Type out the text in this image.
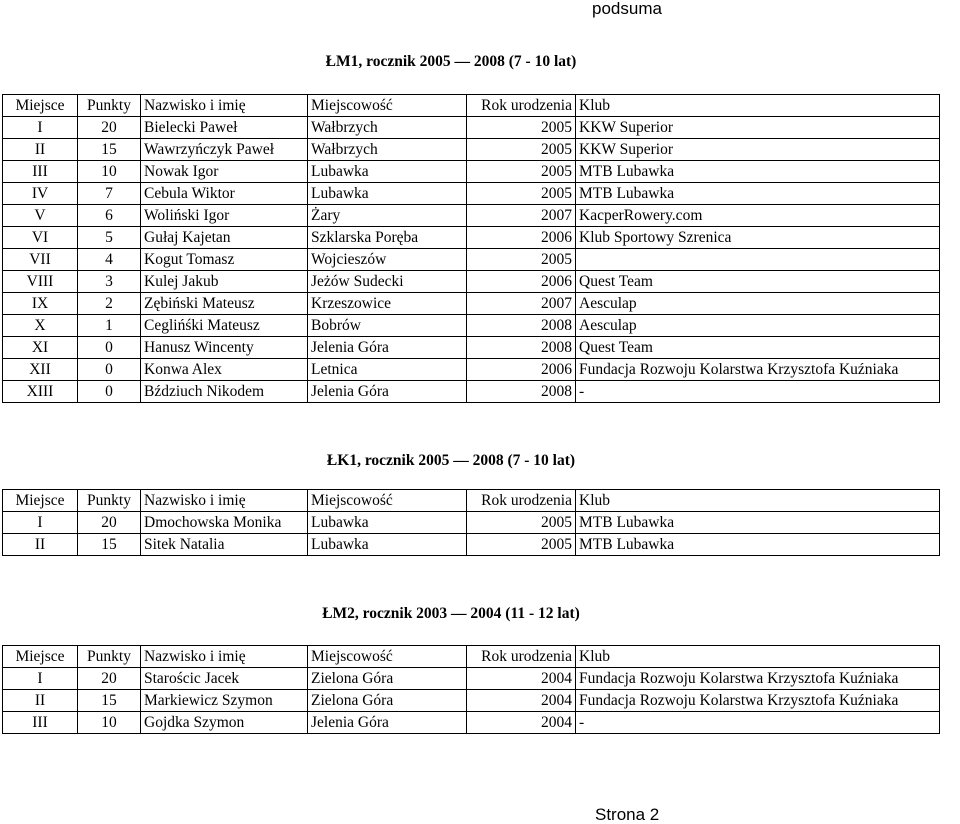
podsuma
ŁM1, rocznik 2005 — 2008 (7 - 10 lat)
Miejsce	Punkty	Nazwisko i imię	Miejscowość	Rok urodzenia	Klub
I	20	Bielecki Paweł	Wałbrzych	2005	KKW Superior
II	15	Wawrzyńczyk Paweł	Wałbrzych	2005	KKW Superior
III	10	Nowak Igor	Lubawka	2005	MTB Lubawka
IV	7	Cebula Wiktor	Lubawka	2005	MTB Lubawka
V	6	Woliński Igor	Żary	2007	KacperRowery.com
VI	5	Gułaj Kajetan	Szklarska Poręba	2006	Klub Sportowy Szrenica
VII	4	Kogut Tomasz	Wojcieszów	2005	
VIII	3	Kulej Jakub	Jeżów Sudecki	2006	Quest Team
IX	2	Zębiński Mateusz	Krzeszowice	2007	Aesculap
X	1	Ceglińśki Mateusz	Bobrów	2008	Aesculap
XI	0	Hanusz Wincenty	Jelenia Góra	2008	Quest Team
XII	0	Konwa Alex	Letnica	2006	Fundacja Rozwoju Kolarstwa Krzysztofa Kuźniaka
XIII	0	Bździuch Nikodem	Jelenia Góra	2008	-
ŁK1, rocznik 2005 — 2008 (7 - 10 lat)
Miejsce	Punkty	Nazwisko i imię	Miejscowość	Rok urodzenia	Klub
I	20	Dmochowska Monika	Lubawka	2005	MTB Lubawka
II	15	Sitek Natalia	Lubawka	2005	MTB Lubawka
ŁM2, rocznik 2003 — 2004 (11 - 12 lat)
Miejsce	Punkty	Nazwisko i imię	Miejscowość	Rok urodzenia	Klub
I	20	Starościc Jacek	Zielona Góra	2004	Fundacja Rozwoju Kolarstwa Krzysztofa Kuźniaka
II	15	Markiewicz Szymon	Zielona Góra	2004	Fundacja Rozwoju Kolarstwa Krzysztofa Kuźniaka
III	10	Gojdka Szymon	Jelenia Góra	2004	-
Strona 2
